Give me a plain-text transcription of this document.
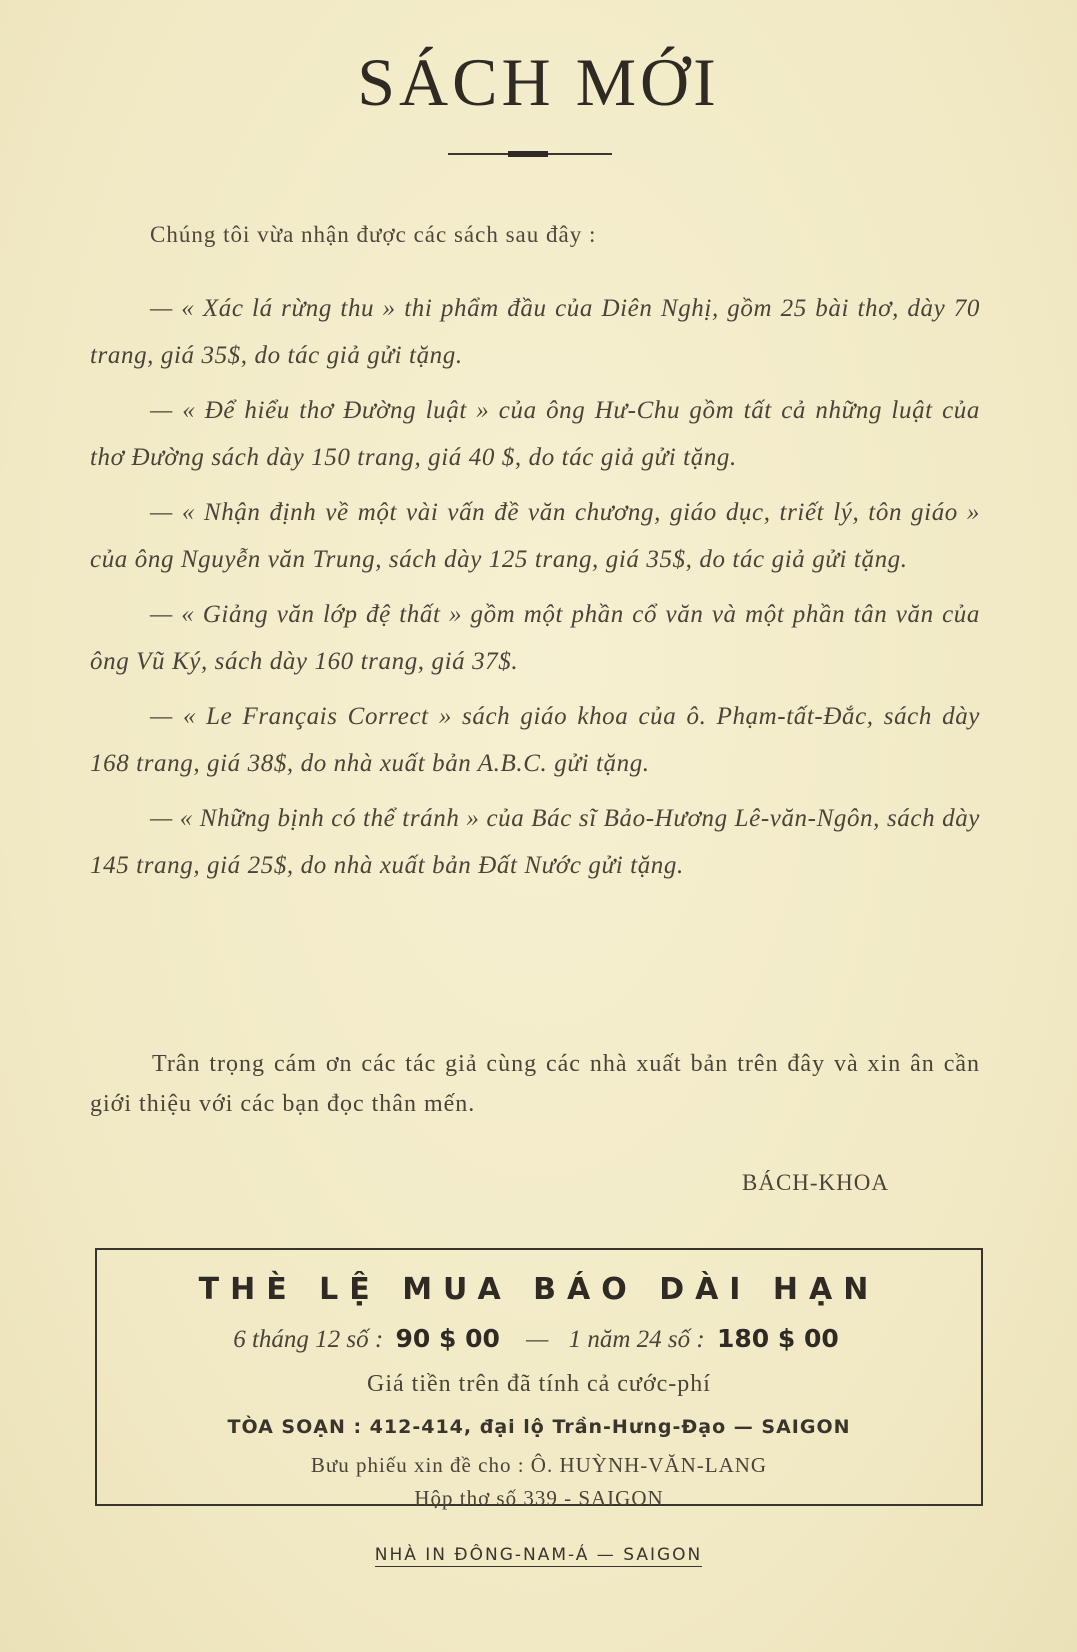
SÁCH MỚI
Chúng tôi vừa nhận được các sách sau đây :

— « Xác lá rừng thu » thi phẩm đầu của Diên Nghị, gồm 25 bài thơ, dày 70 trang, giá 35$, do tác giả gửi tặng.

— « Để hiểu thơ Đường luật » của ông Hư-Chu gồm tất cả những luật của thơ Đường sách dày 150 trang, giá 40 $, do tác giả gửi tặng.

— « Nhận định về một vài vấn đề văn chương, giáo dục, triết lý, tôn giáo » của ông Nguyễn văn Trung, sách dày 125 trang, giá 35$, do tác giả gửi tặng.

— « Giảng văn lớp đệ thất » gồm một phần cổ văn và một phần tân văn của ông Vũ Ký, sách dày 160 trang, giá 37$.

— « Le Français Correct » sách giáo khoa của ô. Phạm-tất-Đắc, sách dày 168 trang, giá 38$, do nhà xuất bản A.B.C. gửi tặng.

— « Những bịnh có thể tránh » của Bác sĩ Bảo-Hương Lê-văn-Ngôn, sách dày 145 trang, giá 25$, do nhà xuất bản Đất Nước gửi tặng.

Trân trọng cám ơn các tác giả cùng các nhà xuất bản trên đây và xin ân cần giới thiệu với các bạn đọc thân mến.
BÁCH-KHOA
THÈ LỆ MUA BÁO DÀI HẠN
6 tháng 12 số : 90 $ 00 — 1 năm 24 số : 180 $ 00
Giá tiền trên đã tính cả cước-phí
TÒA SOẠN : 412-414, đại lộ Trần-Hưng-Đạo — SAIGON
Bưu phiếu xin đề cho : Ô. HUỲNH-VĂN-LANG
Hộp thơ số 339 - SAIGON
NHÀ IN ĐÔNG-NAM-Á — SAIGON
